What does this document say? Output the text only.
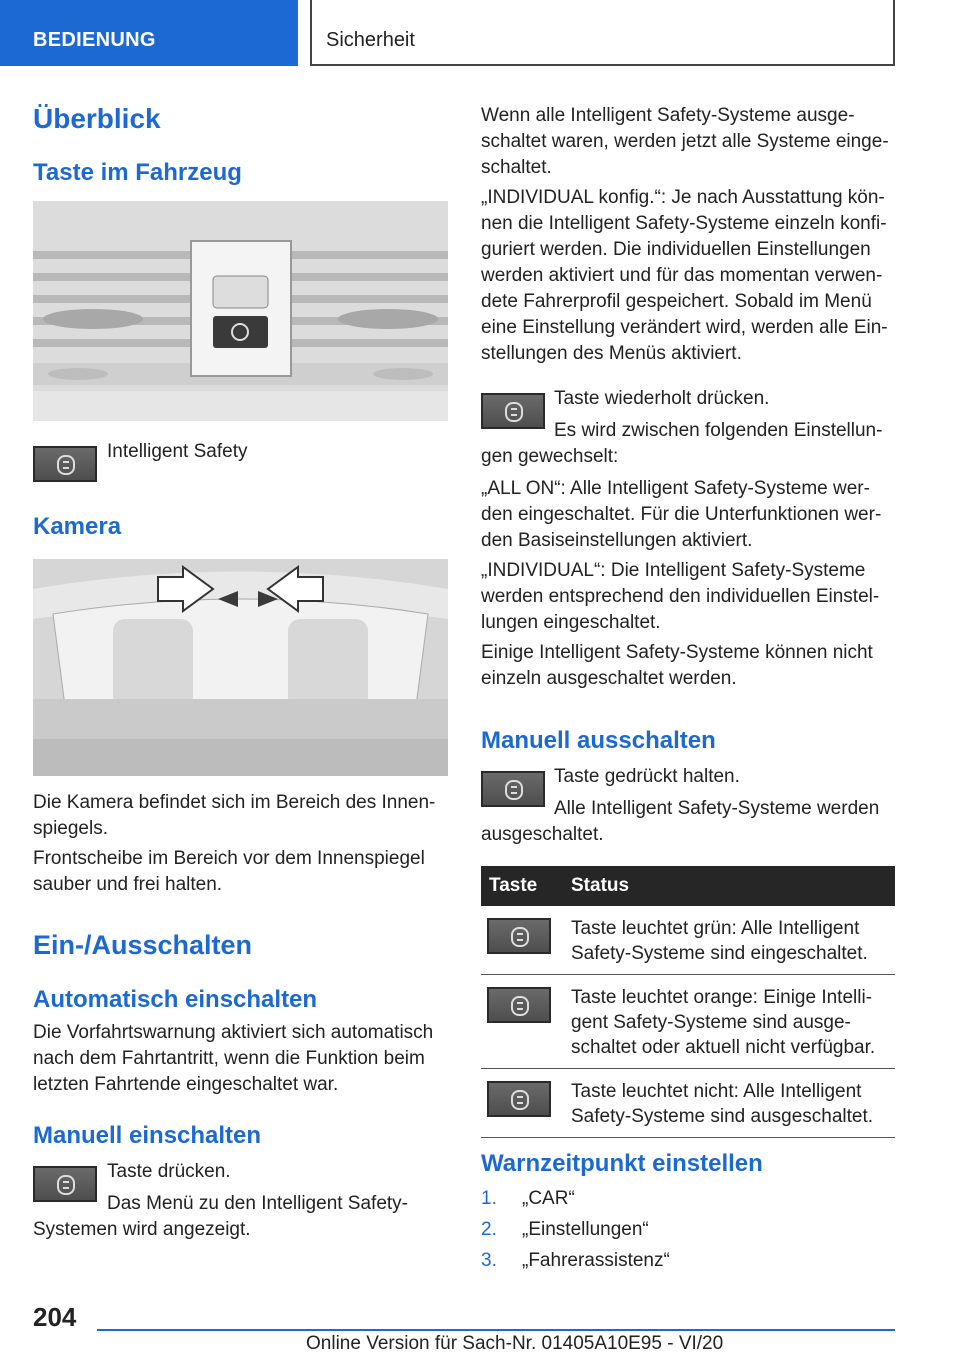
BEDIENUNG	Sicherheit
Überblick
Taste im Fahrzeug
Intelligent Safety
Kamera
Die Kamera befindet sich im Bereich des Innen‐ spiegels.
Frontscheibe im Bereich vor dem Innenspiegel sauber und frei halten.
Ein-/Ausschalten
Automatisch einschalten
Die Vorfahrtswarnung aktiviert sich automatisch nach dem Fahrtantritt, wenn die Funktion beim letzten Fahrtende eingeschaltet war.
Manuell einschalten
Taste drücken.
Das Menü zu den Intelligent Safety-
Systemen wird angezeigt.
Wenn alle Intelligent Safety-Systeme ausge‐ schaltet waren, werden jetzt alle Systeme einge‐ schaltet.
„INDIVIDUAL konfig.“: Je nach Ausstattung kön‐ nen die Intelligent Safety-Systeme einzeln konfi‐ guriert werden. Die individuellen Einstellungen werden aktiviert und für das momentan verwen‐ dete Fahrerprofil gespeichert. Sobald im Menü eine Einstellung verändert wird, werden alle Ein‐ stellungen des Menüs aktiviert.
Taste wiederholt drücken.
Es wird zwischen folgenden Einstellun‐
gen gewechselt:
„ALL ON“: Alle Intelligent Safety-Systeme wer‐ den eingeschaltet. Für die Unterfunktionen wer‐ den Basiseinstellungen aktiviert.
„INDIVIDUAL“: Die Intelligent Safety-Systeme werden entsprechend den individuellen Einstel‐ lungen eingeschaltet.
Einige Intelligent Safety-Systeme können nicht einzeln ausgeschaltet werden.
Manuell ausschalten
Taste gedrückt halten.
Alle Intelligent Safety-Systeme werden
ausgeschaltet.
Taste	Status

	Taste leuchtet grün: Alle Intelligent Safety-Systeme sind eingeschaltet.

	Taste leuchtet orange: Einige Intelli‐ gent Safety-Systeme sind ausge‐ schaltet oder aktuell nicht verfügbar.

	Taste leuchtet nicht: Alle Intelligent Safety-Systeme sind ausgeschaltet.
Warnzeitpunkt einstellen
1. „CAR“
2. „Einstellungen“
3. „Fahrerassistenz“
204
Online Version für Sach-Nr. 01405A10E95 - VI/20
